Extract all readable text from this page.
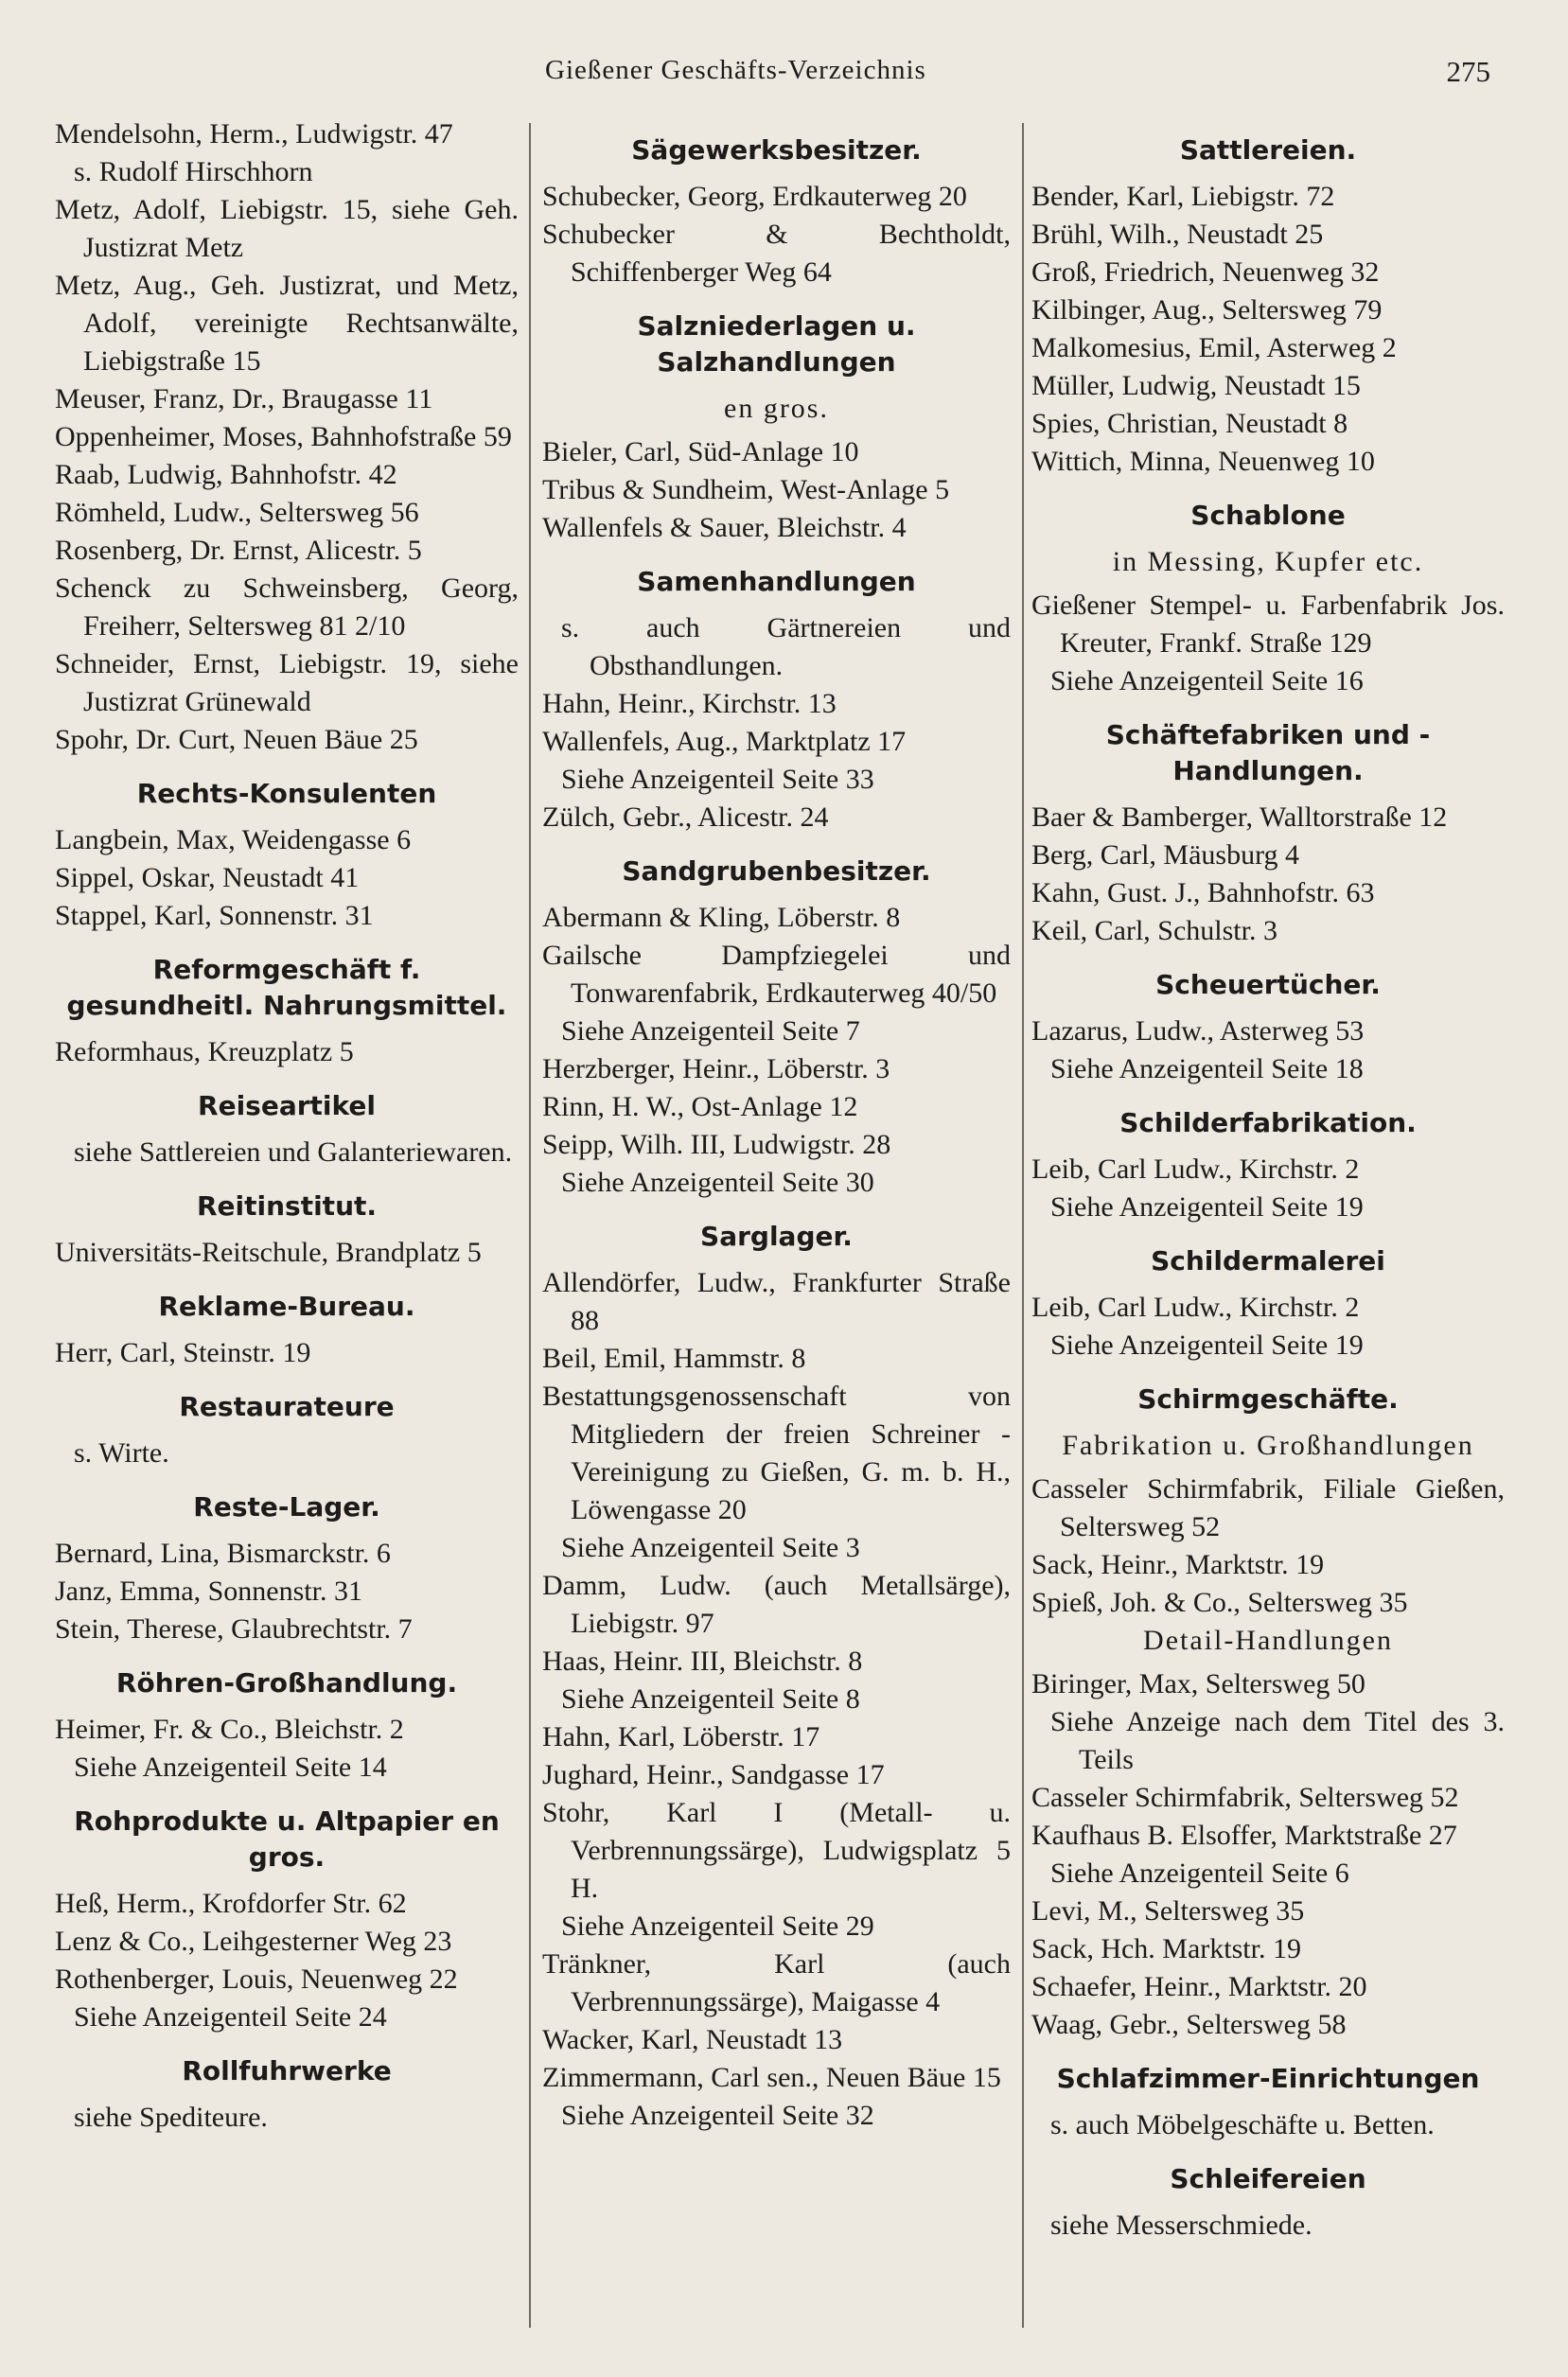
Gießener Geschäfts-Verzeichnis	275
Mendelsohn, Herm., Ludwigstr. 47
s. Rudolf Hirschhorn
Metz, Adolf, Liebigstr. 15, siehe Geh. Justizrat Metz
Metz, Aug., Geh. Justizrat, und Metz, Adolf, vereinigte Rechtsanwälte, Liebigstraße 15
Meuser, Franz, Dr., Braugasse 11
Oppenheimer, Moses, Bahnhofstraße 59
Raab, Ludwig, Bahnhofstr. 42
Römheld, Ludw., Seltersweg 56
Rosenberg, Dr. Ernst, Alicestr. 5
Schenck zu Schweinsberg, Georg, Freiherr, Seltersweg 81 2/10
Schneider, Ernst, Liebigstr. 19, siehe Justizrat Grünewald
Spohr, Dr. Curt, Neuen Bäue 25
Rechts-Konsulenten
Langbein, Max, Weidengasse 6
Sippel, Oskar, Neustadt 41
Stappel, Karl, Sonnenstr. 31
Reformgeschäft f. gesundheitl. Nahrungsmittel.
Reformhaus, Kreuzplatz 5
Reiseartikel
siehe Sattlereien und Galanteriewaren.
Reitinstitut.
Universitäts-Reitschule, Brandplatz 5
Reklame-Bureau.
Herr, Carl, Steinstr. 19
Restaurateure
s. Wirte.
Reste-Lager.
Bernard, Lina, Bismarckstr. 6
Janz, Emma, Sonnenstr. 31
Stein, Therese, Glaubrechtstr. 7
Röhren-Großhandlung.
Heimer, Fr. & Co., Bleichstr. 2
Siehe Anzeigenteil Seite 14
Rohprodukte u. Altpapier en gros.
Heß, Herm., Krofdorfer Str. 62
Lenz & Co., Leihgesterner Weg 23
Rothenberger, Louis, Neuenweg 22
Siehe Anzeigenteil Seite 24
Rollfuhrwerke
siehe Spediteure.
Sägewerksbesitzer.
Schubecker, Georg, Erdkauterweg 20
Schubecker & Bechtholdt, Schiffenberger Weg 64
Salzniederlagen u. Salzhandlungen
en gros.
Bieler, Carl, Süd-Anlage 10
Tribus & Sundheim, West-Anlage 5
Wallenfels & Sauer, Bleichstr. 4
Samenhandlungen
s. auch Gärtnereien und Obsthandlungen.
Hahn, Heinr., Kirchstr. 13
Wallenfels, Aug., Marktplatz 17
Siehe Anzeigenteil Seite 33
Zülch, Gebr., Alicestr. 24
Sandgrubenbesitzer.
Abermann & Kling, Löberstr. 8
Gailsche Dampfziegelei und Tonwarenfabrik, Erdkauterweg 40/50
Siehe Anzeigenteil Seite 7
Herzberger, Heinr., Löberstr. 3
Rinn, H. W., Ost-Anlage 12
Seipp, Wilh. III, Ludwigstr. 28
Siehe Anzeigenteil Seite 30
Sarglager.
Allendörfer, Ludw., Frankfurter Straße 88
Beil, Emil, Hammstr. 8
Bestattungsgenossenschaft von Mitgliedern der freien Schreiner - Vereinigung zu Gießen, G. m. b. H., Löwengasse 20
Siehe Anzeigenteil Seite 3
Damm, Ludw. (auch Metallsärge), Liebigstr. 97
Haas, Heinr. III, Bleichstr. 8
Siehe Anzeigenteil Seite 8
Hahn, Karl, Löberstr. 17
Jughard, Heinr., Sandgasse 17
Stohr, Karl I (Metall- u. Verbrennungssärge), Ludwigsplatz 5 H.
Siehe Anzeigenteil Seite 29
Tränkner, Karl (auch Verbrennungssärge), Maigasse 4
Wacker, Karl, Neustadt 13
Zimmermann, Carl sen., Neuen Bäue 15
Siehe Anzeigenteil Seite 32
Sattlereien.
Bender, Karl, Liebigstr. 72
Brühl, Wilh., Neustadt 25
Groß, Friedrich, Neuenweg 32
Kilbinger, Aug., Seltersweg 79
Malkomesius, Emil, Asterweg 2
Müller, Ludwig, Neustadt 15
Spies, Christian, Neustadt 8
Wittich, Minna, Neuenweg 10
Schablone
in Messing, Kupfer etc.
Gießener Stempel- u. Farbenfabrik Jos. Kreuter, Frankf. Straße 129
Siehe Anzeigenteil Seite 16
Schäftefabriken und -Handlungen.
Baer & Bamberger, Walltorstraße 12
Berg, Carl, Mäusburg 4
Kahn, Gust. J., Bahnhofstr. 63
Keil, Carl, Schulstr. 3
Scheuertücher.
Lazarus, Ludw., Asterweg 53
Siehe Anzeigenteil Seite 18
Schilderfabrikation.
Leib, Carl Ludw., Kirchstr. 2
Siehe Anzeigenteil Seite 19
Schildermalerei
Leib, Carl Ludw., Kirchstr. 2
Siehe Anzeigenteil Seite 19
Schirmgeschäfte.
Fabrikation u. Großhandlungen
Casseler Schirmfabrik, Filiale Gießen, Seltersweg 52
Sack, Heinr., Marktstr. 19
Spieß, Joh. & Co., Seltersweg 35
Detail-Handlungen
Biringer, Max, Seltersweg 50
Siehe Anzeige nach dem Titel des 3. Teils
Casseler Schirmfabrik, Seltersweg 52
Kaufhaus B. Elsoffer, Marktstraße 27
Siehe Anzeigenteil Seite 6
Levi, M., Seltersweg 35
Sack, Hch. Marktstr. 19
Schaefer, Heinr., Marktstr. 20
Waag, Gebr., Seltersweg 58
Schlafzimmer-Einrichtungen
s. auch Möbelgeschäfte u. Betten.
Schleifereien
siehe Messerschmiede.
